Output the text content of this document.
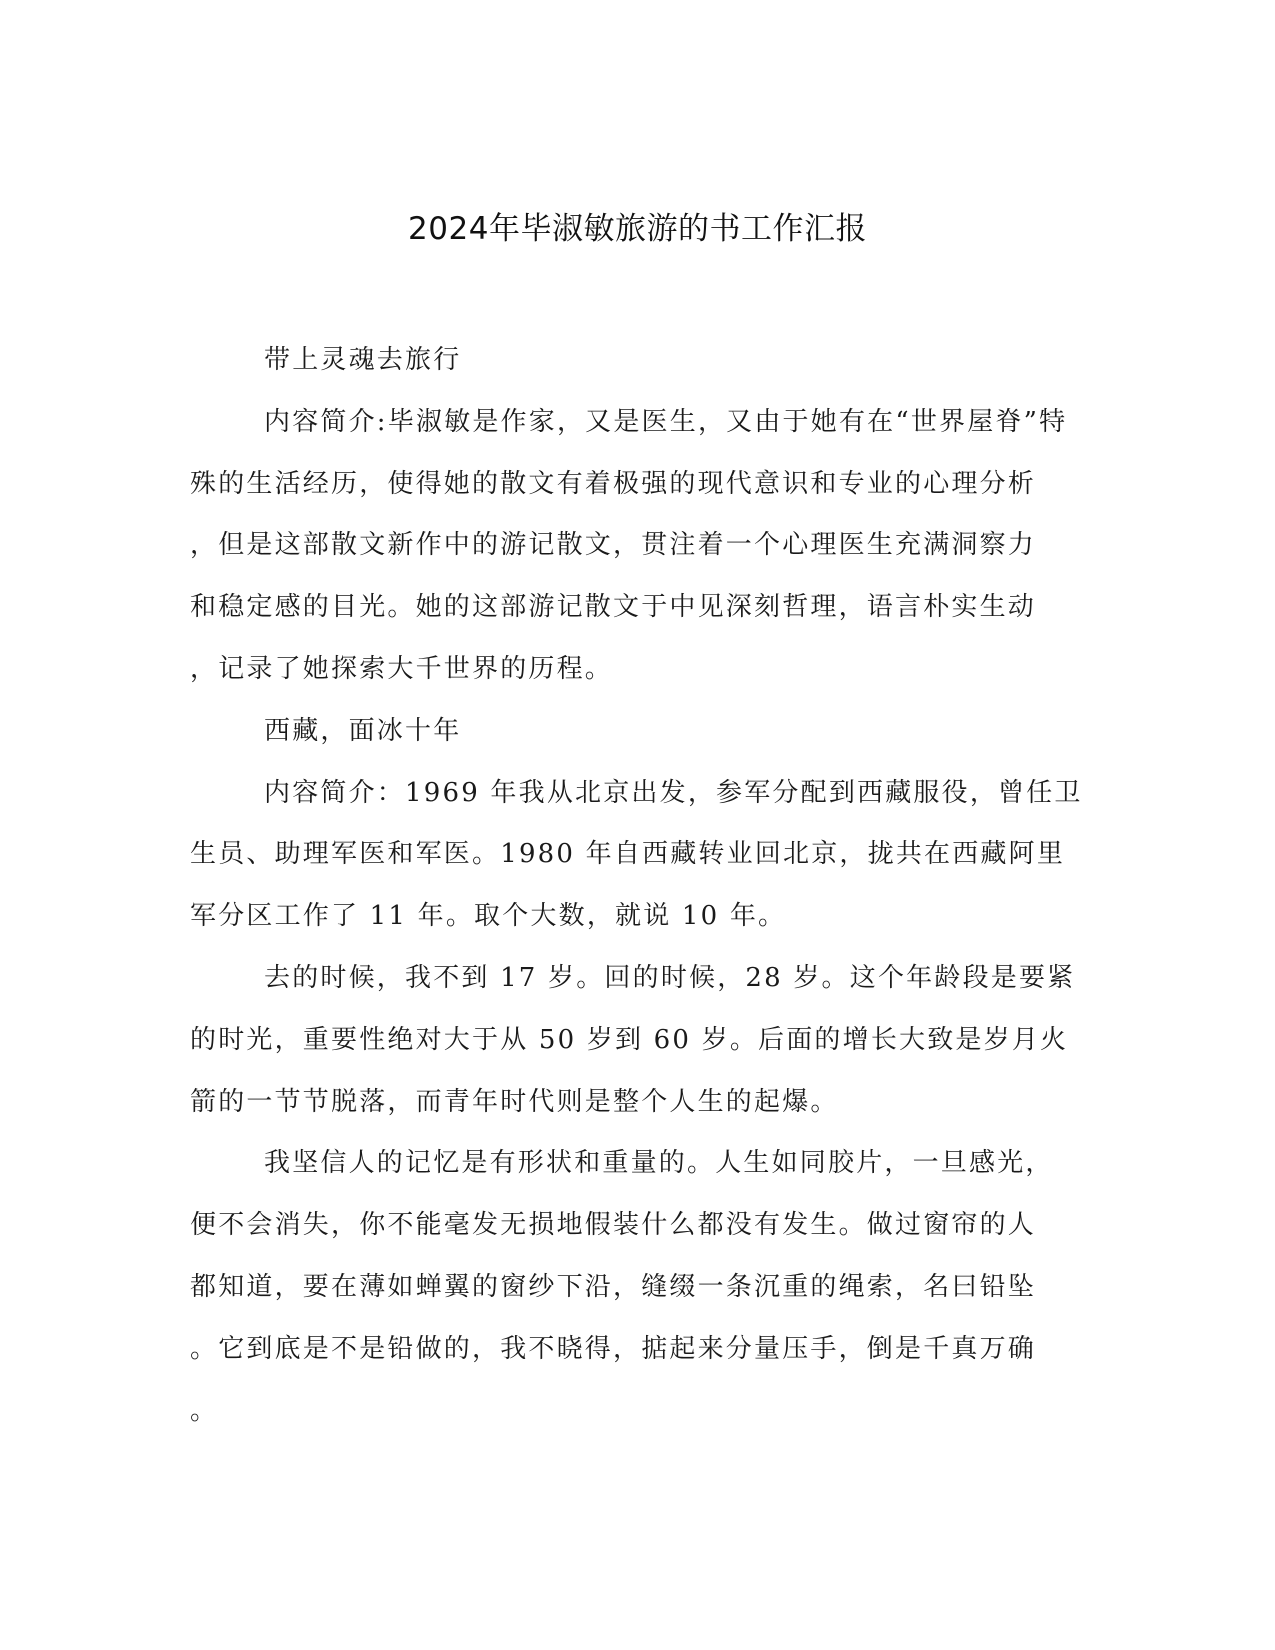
2024年毕淑敏旅游的书工作汇报
带上灵魂去旅行
内容简介:毕淑敏是作家，又是医生，又由于她有在“世界屋脊”特
殊的生活经历，使得她的散文有着极强的现代意识和专业的心理分析
，但是这部散文新作中的游记散文，贯注着一个心理医生充满洞察力
和稳定感的目光。她的这部游记散文于中见深刻哲理，语言朴实生动
，记录了她探索大千世界的历程。
西藏，面冰十年
内容简介：1969 年我从北京出发，参军分配到西藏服役，曾任卫
生员、助理军医和军医。1980 年自西藏转业回北京，拢共在西藏阿里
军分区工作了 11 年。取个大数，就说 10 年。
去的时候，我不到 17 岁。回的时候，28 岁。这个年龄段是要紧
的时光，重要性绝对大于从 50 岁到 60 岁。后面的增长大致是岁月火
箭的一节节脱落，而青年时代则是整个人生的起爆。
我坚信人的记忆是有形状和重量的。人生如同胶片，一旦感光，
便不会消失，你不能毫发无损地假装什么都没有发生。做过窗帘的人
都知道，要在薄如蝉翼的窗纱下沿，缝缀一条沉重的绳索，名曰铅坠
。它到底是不是铅做的，我不晓得，掂起来分量压手，倒是千真万确
。
